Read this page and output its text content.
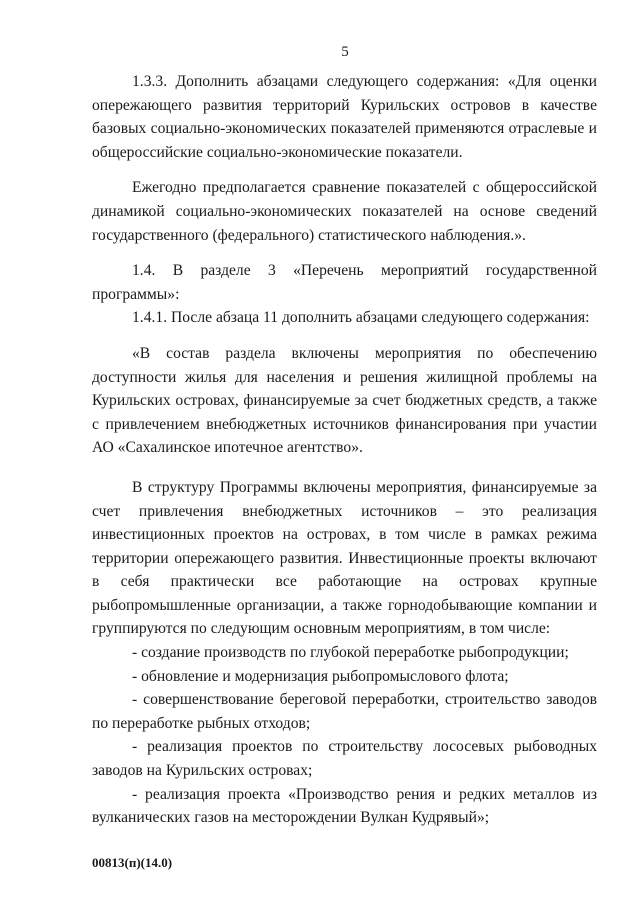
5

1.3.3. Дополнить абзацами следующего содержания: «Для оценки опережающего развития территорий Курильских островов в качестве базовых социально-экономических показателей применяются отраслевые и общероссийские социально-экономические показатели.

Ежегодно предполагается сравнение показателей с общероссийской динамикой социально-экономических показателей на основе сведений государственного (федерального) статистического наблюдения.».

1.4. В разделе 3 «Перечень мероприятий государственной программы»:

1.4.1. После абзаца 11 дополнить абзацами следующего содержания:

«В состав раздела включены мероприятия по обеспечению доступности жилья для населения и решения жилищной проблемы на Курильских островах, финансируемые за счет бюджетных средств, а также с привлечением внебюджетных источников финансирования при участии АО «Сахалинское ипотечное агентство».

В структуру Программы включены мероприятия, финансируемые за счет привлечения внебюджетных источников – это реализация инвестиционных проектов на островах, в том числе в рамках режима территории опережающего развития. Инвестиционные проекты включают в себя практически все работающие на островах крупные рыбопромышленные организации, а также горнодобывающие компании и группируются по следующим основным мероприятиям, в том числе:

- создание производств по глубокой переработке рыбопродукции;

- обновление и модернизация рыбопромыслового флота;

- совершенствование береговой переработки, строительство заводов по переработке рыбных отходов;

- реализация проектов по строительству лососевых рыбоводных заводов на Курильских островах;

- реализация проекта «Производство рения и редких металлов из вулканических газов на месторождении Вулкан Кудрявый»;

00813(п)(14.0)
